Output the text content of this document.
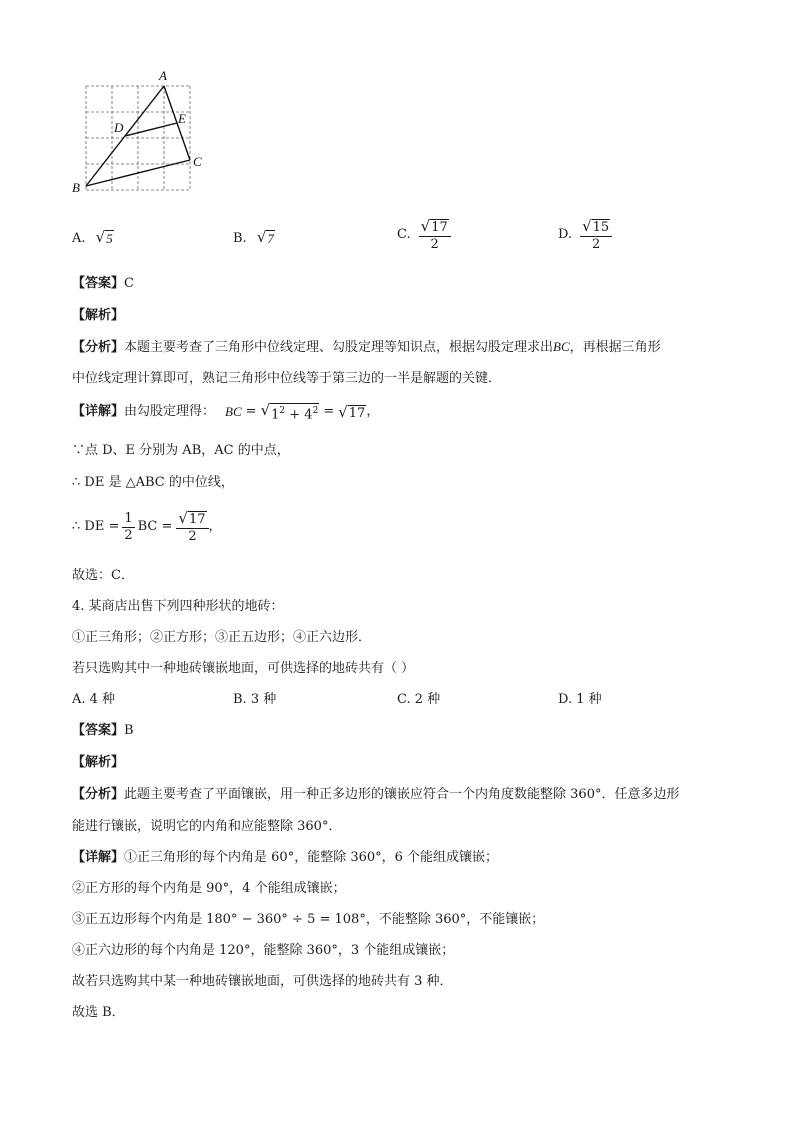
A
B
C
D
E
A. √ 5	B. √ 7	C. $\frac{√ 17}{2}$	D. $\frac{√ 15}{2}$
【答案】C
【解析】
【分析】本题主要考查了三角形中位线定理、勾股定理等知识点，根据勾股定理求出BC，再根据三角形
中位线定理计算即可，熟记三角形中位线等于第三边的一半是解题的关键．
【详解】 由勾股定理得： BC = √ $1^2 + 4^2$ = √ 17 ，
∵点 D、E 分别为 AB，AC 的中点，
∴ DE 是 △ABC 的中位线，
∴ DE = $\frac{1}{2}$ BC = $\frac{√ 17}{2}$ ，
故选：C．
4. 某商店出售下列四种形状的地砖：
①正三角形；②正方形；③正五边形；④正六边形．
若只选购其中一种地砖镶嵌地面，可供选择的地砖共有（ ）
A. 4 种	B. 3 种	C. 2 种	D. 1 种
【答案】B
【解析】
【分析】此题主要考查了平面镶嵌，用一种正多边形的镶嵌应符合一个内角度数能整除 360°．任意多边形
能进行镶嵌，说明它的内角和应能整除 360°．
【详解】①正三角形的每个内角是 60°，能整除 360°，6 个能组成镶嵌；
②正方形的每个内角是 90°，4 个能组成镶嵌；
③正五边形每个内角是 180° − 360° ÷ 5 = 108°，不能整除 360°，不能镶嵌；
④正六边形的每个内角是 120°，能整除 360°，3 个能组成镶嵌；
故若只选购其中某一种地砖镶嵌地面，可供选择的地砖共有 3 种．
故选 B．
